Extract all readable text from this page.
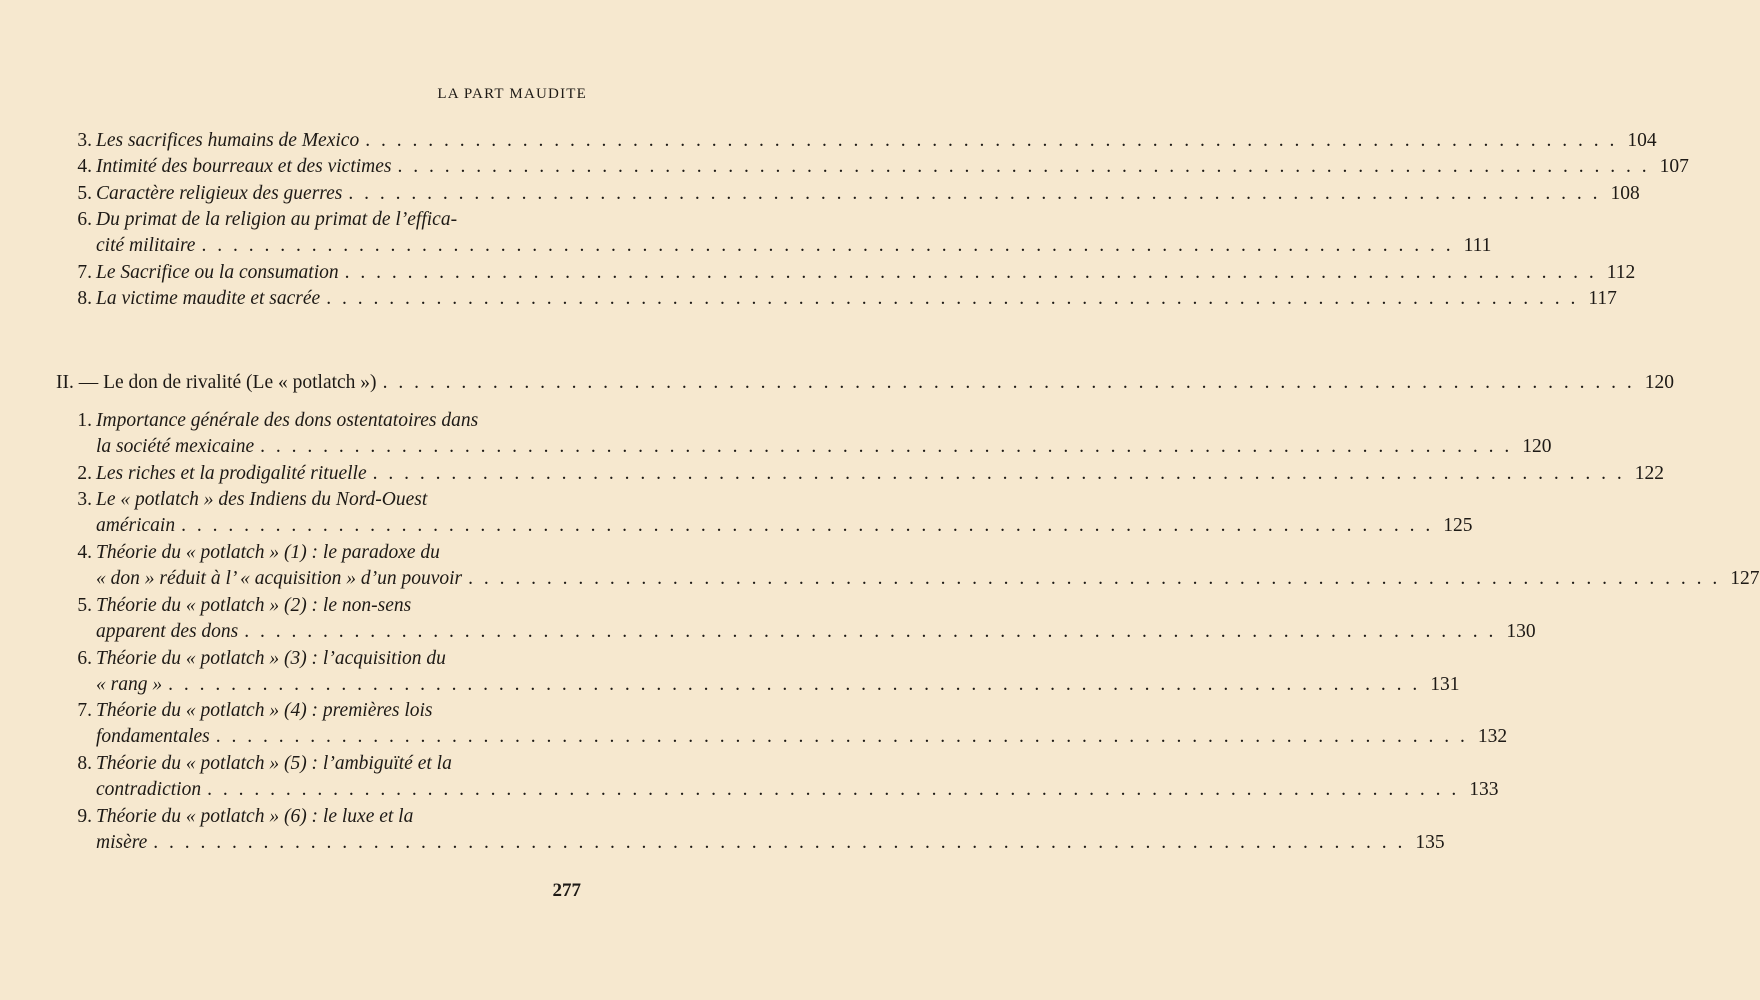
LA PART MAUDITE
3. Les sacrifices humains de Mexico . . . . . . . . . . . . . . . . . . . . . . . . . . . . . . . . . . . . . . . . . . . . . . . . . . . . . . . . . . . . . . . . . . . . . . . . . . . . . . . . 104
4. Intimité des bourreaux et des victimes . . . . . . . . . . . . . . . . . . . . . . . . . . . . . . . . . . . . . . . . . . . . . . . . . . . . . . . . . . . . . . . . . . . . . . . . . . . . . . . . 107
5. Caractère religieux des guerres . . . . . . . . . . . . . . . . . . . . . . . . . . . . . . . . . . . . . . . . . . . . . . . . . . . . . . . . . . . . . . . . . . . . . . . . . . . . . . . . 108
6. Du primat de la religion au primat de l’effica-
cité militaire . . . . . . . . . . . . . . . . . . . . . . . . . . . . . . . . . . . . . . . . . . . . . . . . . . . . . . . . . . . . . . . . . . . . . . . . . . . . . . . . 111
7. Le Sacrifice ou la consumation . . . . . . . . . . . . . . . . . . . . . . . . . . . . . . . . . . . . . . . . . . . . . . . . . . . . . . . . . . . . . . . . . . . . . . . . . . . . . . . . 112
8. La victime maudite et sacrée . . . . . . . . . . . . . . . . . . . . . . . . . . . . . . . . . . . . . . . . . . . . . . . . . . . . . . . . . . . . . . . . . . . . . . . . . . . . . . . . 117
II. — Le don de rivalité (Le « potlatch ») . . . . . . . . . . . . . . . . . . . . . . . . . . . . . . . . . . . . . . . . . . . . . . . . . . . . . . . . . . . . . . . . . . . . . . . . . . . . . . . . 120
1. Importance générale des dons ostentatoires dans
la société mexicaine . . . . . . . . . . . . . . . . . . . . . . . . . . . . . . . . . . . . . . . . . . . . . . . . . . . . . . . . . . . . . . . . . . . . . . . . . . . . . . . . 120
2. Les riches et la prodigalité rituelle . . . . . . . . . . . . . . . . . . . . . . . . . . . . . . . . . . . . . . . . . . . . . . . . . . . . . . . . . . . . . . . . . . . . . . . . . . . . . . . . 122
3. Le « potlatch » des Indiens du Nord-Ouest
américain . . . . . . . . . . . . . . . . . . . . . . . . . . . . . . . . . . . . . . . . . . . . . . . . . . . . . . . . . . . . . . . . . . . . . . . . . . . . . . . . 125
4. Théorie du « potlatch » (1) : le paradoxe du
« don » réduit à l’ « acquisition » d’un pouvoir . . . . . . . . . . . . . . . . . . . . . . . . . . . . . . . . . . . . . . . . . . . . . . . . . . . . . . . . . . . . . . . . . . . . . . . . . . . . . . . . 127
5. Théorie du « potlatch » (2) : le non-sens
apparent des dons . . . . . . . . . . . . . . . . . . . . . . . . . . . . . . . . . . . . . . . . . . . . . . . . . . . . . . . . . . . . . . . . . . . . . . . . . . . . . . . . 130
6. Théorie du « potlatch » (3) : l’acquisition du
« rang » . . . . . . . . . . . . . . . . . . . . . . . . . . . . . . . . . . . . . . . . . . . . . . . . . . . . . . . . . . . . . . . . . . . . . . . . . . . . . . . . 131
7. Théorie du « potlatch » (4) : premières lois
fondamentales . . . . . . . . . . . . . . . . . . . . . . . . . . . . . . . . . . . . . . . . . . . . . . . . . . . . . . . . . . . . . . . . . . . . . . . . . . . . . . . . 132
8. Théorie du « potlatch » (5) : l’ambiguïté et la
contradiction . . . . . . . . . . . . . . . . . . . . . . . . . . . . . . . . . . . . . . . . . . . . . . . . . . . . . . . . . . . . . . . . . . . . . . . . . . . . . . . . 133
9. Théorie du « potlatch » (6) : le luxe et la
misère . . . . . . . . . . . . . . . . . . . . . . . . . . . . . . . . . . . . . . . . . . . . . . . . . . . . . . . . . . . . . . . . . . . . . . . . . . . . . . . . 135
277
